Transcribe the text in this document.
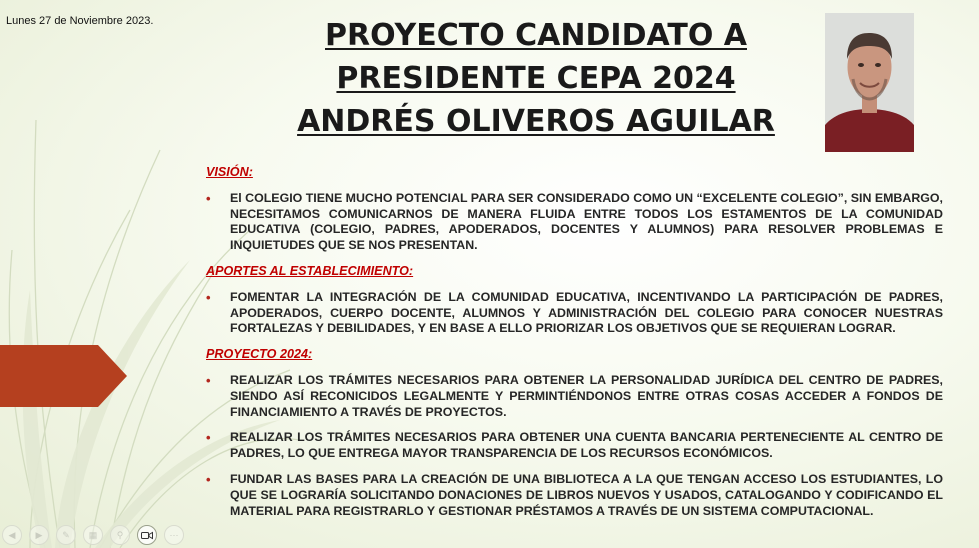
Lunes 27 de Noviembre 2023.	PROYECTO CANDIDATO A
PRESIDENTE CEPA 2024
ANDRÉS OLIVEROS AGUILAR
VISIÓN:
• El COLEGIO TIENE MUCHO POTENCIAL PARA SER CONSIDERADO COMO UN “EXCELENTE COLEGIO”, SIN EMBARGO, NECESITAMOS COMUNICARNOS DE MANERA FLUIDA ENTRE TODOS LOS ESTAMENTOS DE LA COMUNIDAD EDUCATIVA (COLEGIO, PADRES, APODERADOS, DOCENTES Y ALUMNOS) PARA RESOLVER PROBLEMAS E INQUIETUDES QUE SE NOS PRESENTAN.
APORTES AL ESTABLECIMIENTO:
• FOMENTAR LA INTEGRACIÓN DE LA COMUNIDAD EDUCATIVA, INCENTIVANDO LA PARTICIPACIÓN DE PADRES, APODERADOS, CUERPO DOCENTE, ALUMNOS Y ADMINISTRACIÓN DEL COLEGIO PARA CONOCER NUESTRAS FORTALEZAS Y DEBILIDADES, Y EN BASE A ELLO PRIORIZAR LOS OBJETIVOS QUE SE REQUIERAN LOGRAR.
PROYECTO 2024:
• REALIZAR LOS TRÁMITES NECESARIOS PARA OBTENER LA PERSONALIDAD JURÍDICA DEL CENTRO DE PADRES, SIENDO ASÍ RECONICIDOS LEGALMENTE Y PERMINTIÉNDONOS ENTRE OTRAS COSAS ACCEDER A FONDOS DE FINANCIAMIENTO A TRAVÉS DE PROYECTOS.
• REALIZAR LOS TRÁMITES NECESARIOS PARA OBTENER UNA CUENTA BANCARIA PERTENECIENTE AL CENTRO DE PADRES, LO QUE ENTREGA MAYOR TRANSPARENCIA DE LOS RECURSOS ECONÓMICOS.
• FUNDAR LAS BASES PARA LA CREACIÓN DE UNA BIBLIOTECA A LA QUE TENGAN ACCESO LOS ESTUDIANTES, LO QUE SE LOGRARÍA SOLICITANDO DONACIONES DE LIBROS NUEVOS Y USADOS, CATALOGANDO Y CODIFICANDO EL MATERIAL PARA REGISTRARLO Y GESTIONAR PRÉSTAMOS A TRAVÉS DE UN SISTEMA COMPUTACIONAL.
◀	▶	✎	▦	⚲	⋯
